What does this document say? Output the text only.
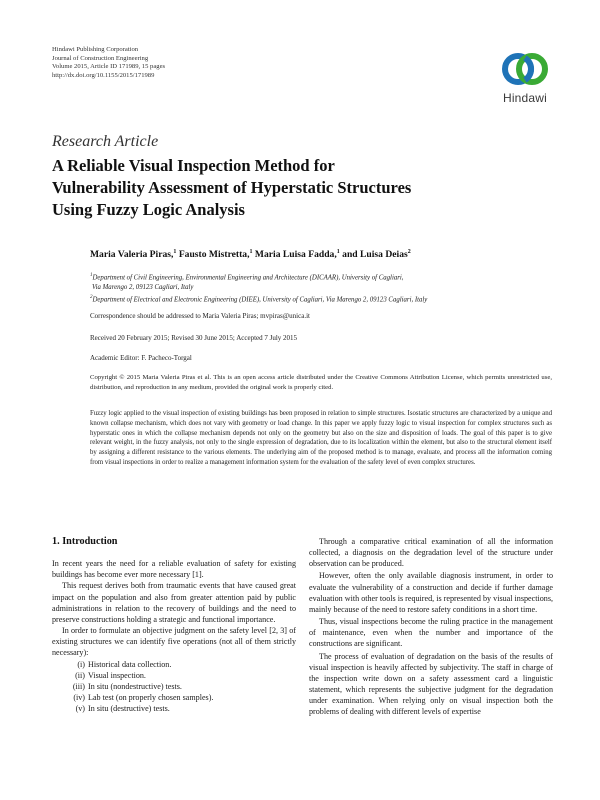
Hindawi Publishing Corporation
Journal of Construction Engineering
Volume 2015, Article ID 171989, 15 pages
http://dx.doi.org/10.1155/2015/171989
Hindawi
Research Article
A Reliable Visual Inspection Method for
Vulnerability Assessment of Hyperstatic Structures
Using Fuzzy Logic Analysis
Maria Valeria Piras,$^1$ Fausto Mistretta,$^1$ Maria Luisa Fadda,$^1$ and Luisa Deias$^2$
$^1$Department of Civil Engineering, Environmental Engineering and Architecture (DICAAR), University of Cagliari,
Via Marengo 2, 09123 Cagliari, Italy
$^2$Department of Electrical and Electronic Engineering (DIEE), University of Cagliari, Via Marengo 2, 09123 Cagliari, Italy
Correspondence should be addressed to Maria Valeria Piras; mvpiras@unica.it
Received 20 February 2015; Revised 30 June 2015; Accepted 7 July 2015
Academic Editor: F. Pacheco-Torgal
Copyright © 2015 Maria Valeria Piras et al. This is an open access article distributed under the Creative Commons Attribution License, which permits unrestricted use, distribution, and reproduction in any medium, provided the original work is properly cited.
Fuzzy logic applied to the visual inspection of existing buildings has been proposed in relation to simple structures. Isostatic structures are characterized by a unique and known collapse mechanism, which does not vary with geometry or load change. In this paper we apply fuzzy logic to visual inspection for complex structures such as hyperstatic ones in which the collapse mechanism depends not only on the geometry but also on the size and disposition of loads. The goal of this paper is to give relevant weight, in the fuzzy analysis, not only to the single expression of degradation, due to its localization within the element, but also to the structural element itself by assigning a different resistance to the various elements. The underlying aim of the proposed method is to manage, evaluate, and process all the information coming from visual inspections in order to realize a management information system for the evaluation of the safety level of even complex structures.
1. Introduction

In recent years the need for a reliable evaluation of safety for existing buildings has become ever more necessary [1].

This request derives both from traumatic events that have caused great impact on the population and also from greater attention paid by public administrations in relation to the recovery of buildings and the need to preserve constructions holding a strategic and functional importance.

In order to formulate an objective judgment on the safety level [2, 3] of existing structures we can identify five operations (not all of them strictly necessary):

(i) Historical data collection.
(ii) Visual inspection.
(iii) In situ (nondestructive) tests.
(iv) Lab test (on properly chosen samples).
(v) In situ (destructive) tests.

Through a comparative critical examination of all the information collected, a diagnosis on the degradation level of the structure under observation can be produced.

However, often the only available diagnosis instrument, in order to evaluate the vulnerability of a construction and decide if further damage evaluation with other tools is required, is represented by visual inspections, mainly because of the need to restore safety conditions in a short time.

Thus, visual inspections become the ruling practice in the management of maintenance, even when the number and importance of the constructions are significant.

The process of evaluation of degradation on the basis of the results of visual inspection is heavily affected by subjectivity. The staff in charge of the inspection write down on a safety assessment card a linguistic statement, which represents the subjective judgment for the degradation under examination. When relying only on visual inspection both the problems of dealing with different levels of expertise
